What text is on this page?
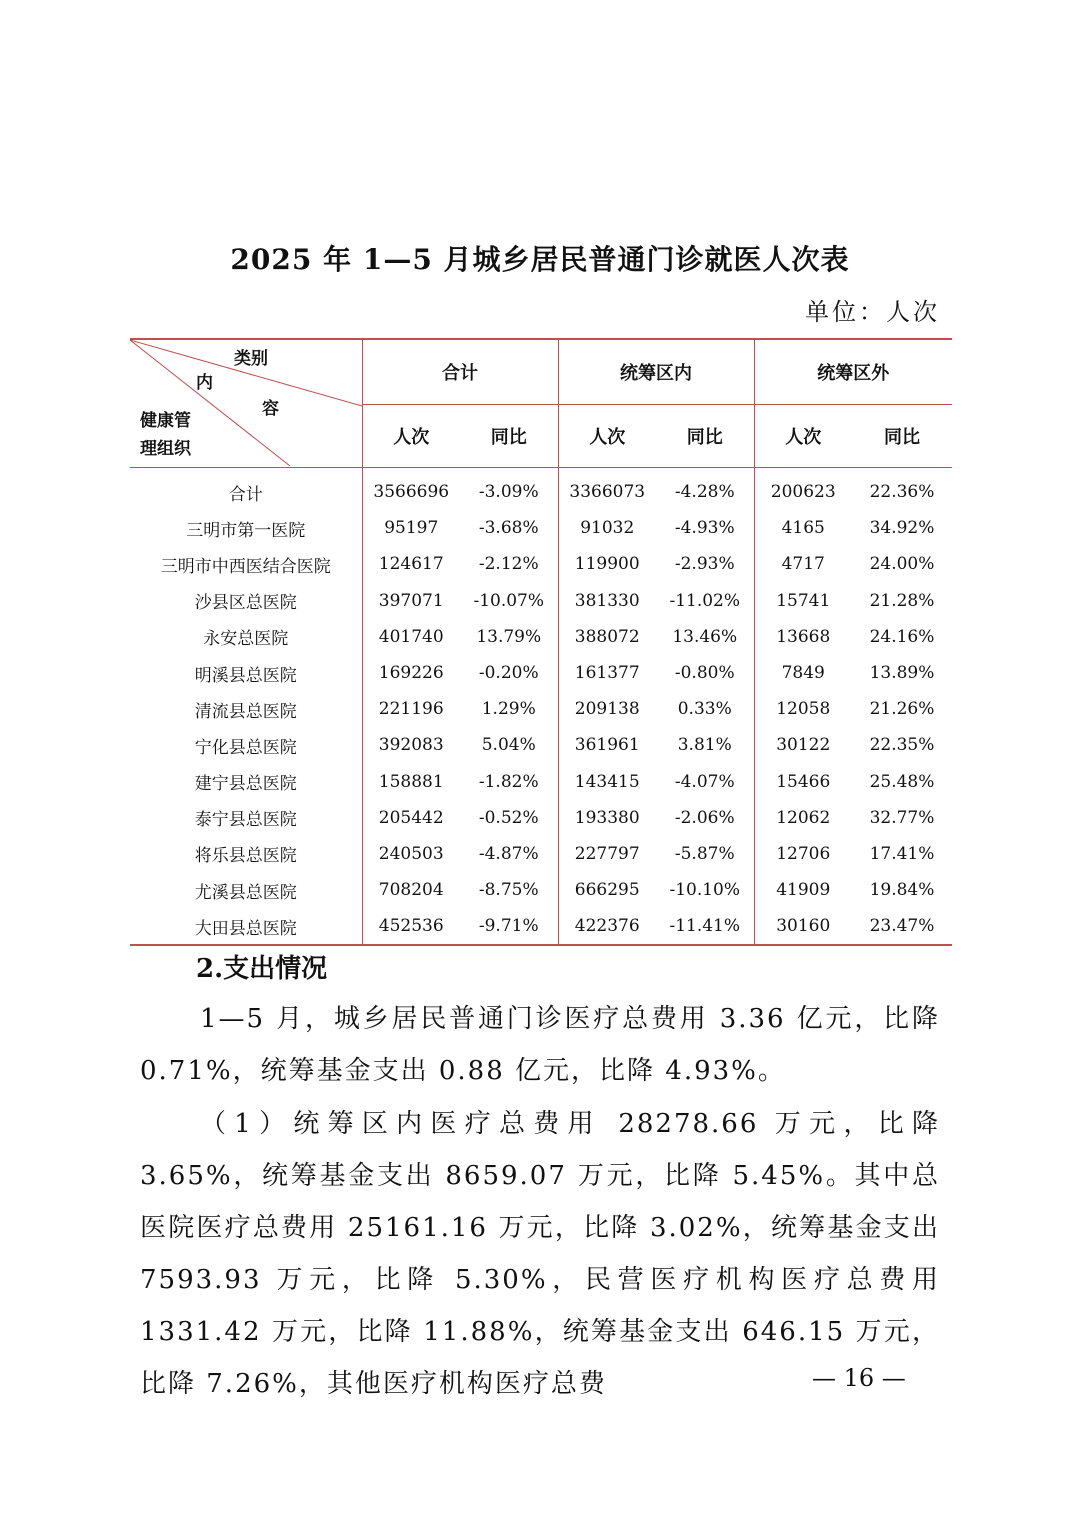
2025 年 1—5 月城乡居民普通门诊就医人次表
单位：人次
类别
内
容
健康管
理组织	合计		统筹区内		统筹区外	
	人次	同比	人次	同比	人次	同比
合计	3566696	-3.09%	3366073	-4.28%	200623	22.36%
三明市第一医院	95197	-3.68%	91032	-4.93%	4165	34.92%
三明市中西医结合医院	124617	-2.12%	119900	-2.93%	4717	24.00%
沙县区总医院	397071	-10.07%	381330	-11.02%	15741	21.28%
永安总医院	401740	13.79%	388072	13.46%	13668	24.16%
明溪县总医院	169226	-0.20%	161377	-0.80%	7849	13.89%
清流县总医院	221196	1.29%	209138	0.33%	12058	21.26%
宁化县总医院	392083	5.04%	361961	3.81%	30122	22.35%
建宁县总医院	158881	-1.82%	143415	-4.07%	15466	25.48%
泰宁县总医院	205442	-0.52%	193380	-2.06%	12062	32.77%
将乐县总医院	240503	-4.87%	227797	-5.87%	12706	17.41%
尤溪县总医院	708204	-8.75%	666295	-10.10%	41909	19.84%
大田县总医院	452536	-9.71%	422376	-11.41%	30160	23.47%
2.支出情况
1—5 月，城乡居民普通门诊医疗总费用 3.36 亿元，比降 0.71%，统筹基金支出 0.88 亿元，比降 4.93%。
（1）统筹区内医疗总费用 28278.66 万元，比降 3.65%，统筹基金支出 8659.07 万元，比降 5.45%。其中总医院医疗总费用 25161.16 万元，比降 3.02%，统筹基金支出 7593.93 万元，比降 5.30%，民营医疗机构医疗总费用 1331.42 万元，比降 11.88%，统筹基金支出 646.15 万元，比降 7.26%，其他医疗机构医疗总费	— 16 —
